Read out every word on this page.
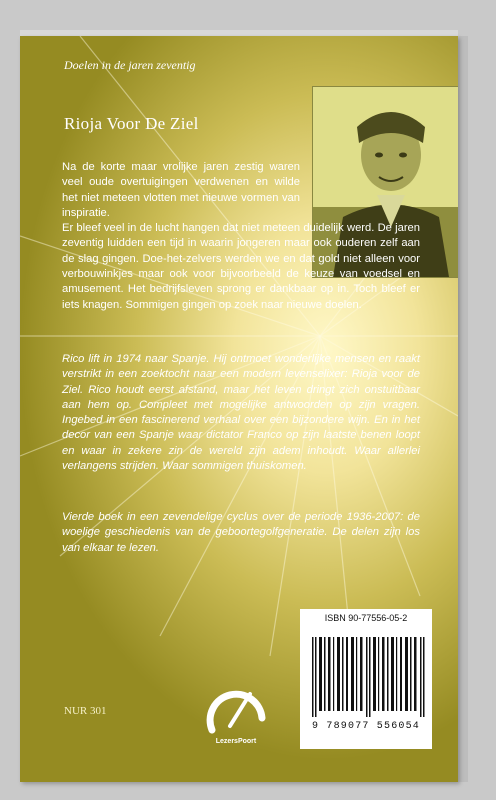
Doelen in de jaren zeventig
Rioja Voor De Ziel

Na de korte maar vrolijke jaren zestig waren veel oude overtuigingen verdwenen en wilde het niet meteen vlotten met nieuwe vormen van inspiratie.

Er bleef veel in de lucht hangen dat niet meteen duidelijk werd. De jaren zeventig luidden een tijd in waarin jongeren maar ook ouderen zelf aan de slag gingen. Doe-het-zelvers werden we en dat gold niet alleen voor verbouwinkjes maar ook voor bijvoorbeeld de keuze van voedsel en amusement. Het bedrijfsleven sprong er dankbaar op in. Toch bleef er iets knagen. Sommigen gingen op zoek naar nieuwe doelen.

Rico lift in 1974 naar Spanje. Hij ontmoet wonderlijke mensen en raakt verstrikt in een zoektocht naar een modern levenselixer: Rioja voor de Ziel. Rico houdt eerst afstand, maar het leven dringt zich onstuitbaar aan hem op. Compleet met mogelijke antwoorden op zijn vragen. Ingebed in een fascinerend verhaal over een bijzondere wijn. En in het decor van een Spanje waar dictator Franco op zijn laatste benen loopt en waar in zekere zin de wereld zijn adem inhoudt. Waar allerlei verlangens strijden. Waar sommigen thuiskomen.
Vierde boek in een zevendelige cyclus over de periode 1936-2007: de woelige geschiedenis van de geboortegolfgeneratie. De delen zijn los van elkaar te lezen.
NUR 301
LezersPoort
ISBN 90-77556-05-2
9 789077 556054
